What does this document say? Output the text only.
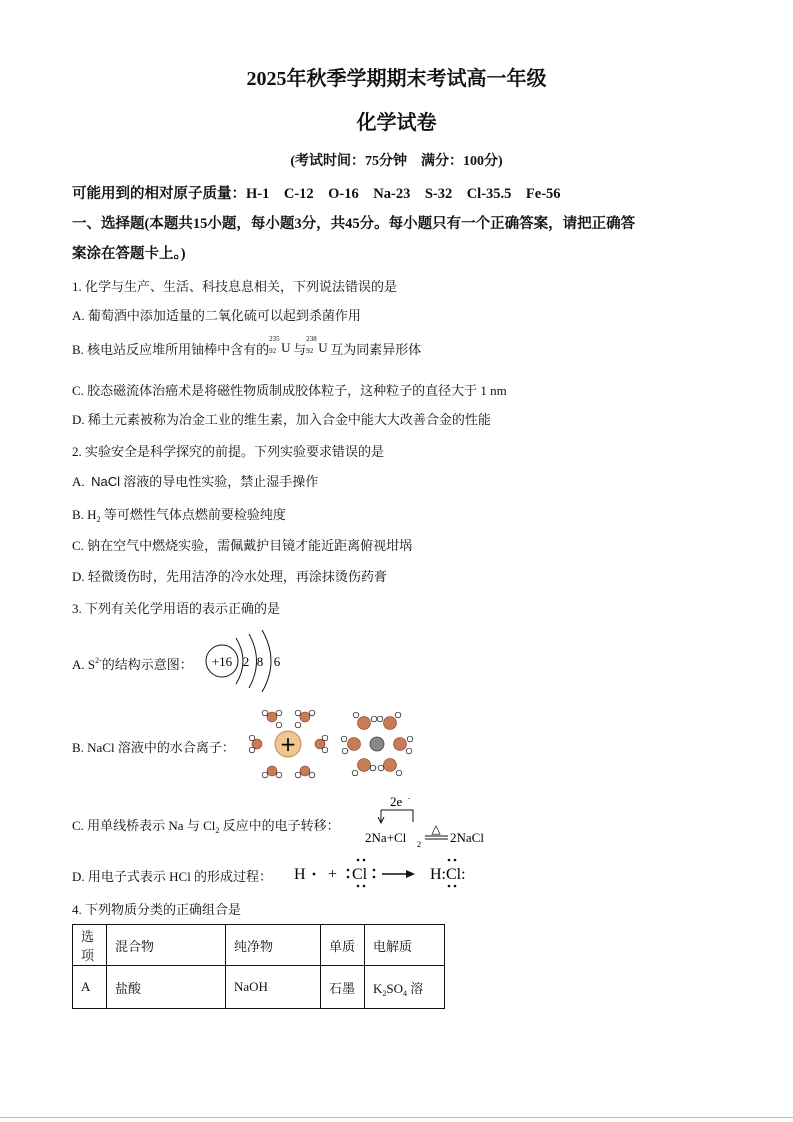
2025年秋季学期期末考试高一年级
化学试卷
(考试时间：75分钟　满分：100分)
可能用到的相对原子质量：H-1　C-12　O-16　Na-23　S-32　Cl-35.5　Fe-56
一、选择题(本题共15小题，每小题3分，共45分。每小题只有一个正确答案，请把正确答
案涂在答题卡上。)
1. 化学与生产、生活、科技息息相关，下列说法错误的是
A. 葡萄酒中添加适量的二氧化硫可以起到杀菌作用
B. 核电站反应堆所用铀棒中含有的
235
92 U 与
238
92 U 互为同素异形体
C. 胶态磁流体治癌术是将磁性物质制成胶体粒子，这种粒子的直径大于 1 nm
D. 稀土元素被称为冶金工业的维生素，加入合金中能大大改善合金的性能
2. 实验安全是科学探究的前提。下列实验要求错误的是
A. NaCl 溶液的导电性实验，禁止湿手操作
B. $H_2$ 等可燃性气体点燃前要检验纯度
C. 钠在空气中燃烧实验，需佩戴护目镜才能近距离俯视坩埚
D. 轻微烫伤时，先用洁净的冷水处理，再涂抹烫伤药膏
3. 下列有关化学用语的表示正确的是
A. $S^{2-}$的结构示意图： +16 2 8 6
B. NaCl 溶液中的水合离子： +
C. 用单线桥表示 Na 与 $Cl_2$ 反应中的电子转移：
2e -
2Na+Cl 2
△
2NaCl
D. 用电子式表示 HCl 的形成过程： H + Cl	H:Cl:
4. 下列物质分类的正确组合是
选项	混合物	纯净物	单质	电解质
A	盐酸	NaOH	石墨	$K_2SO_4$ 溶
